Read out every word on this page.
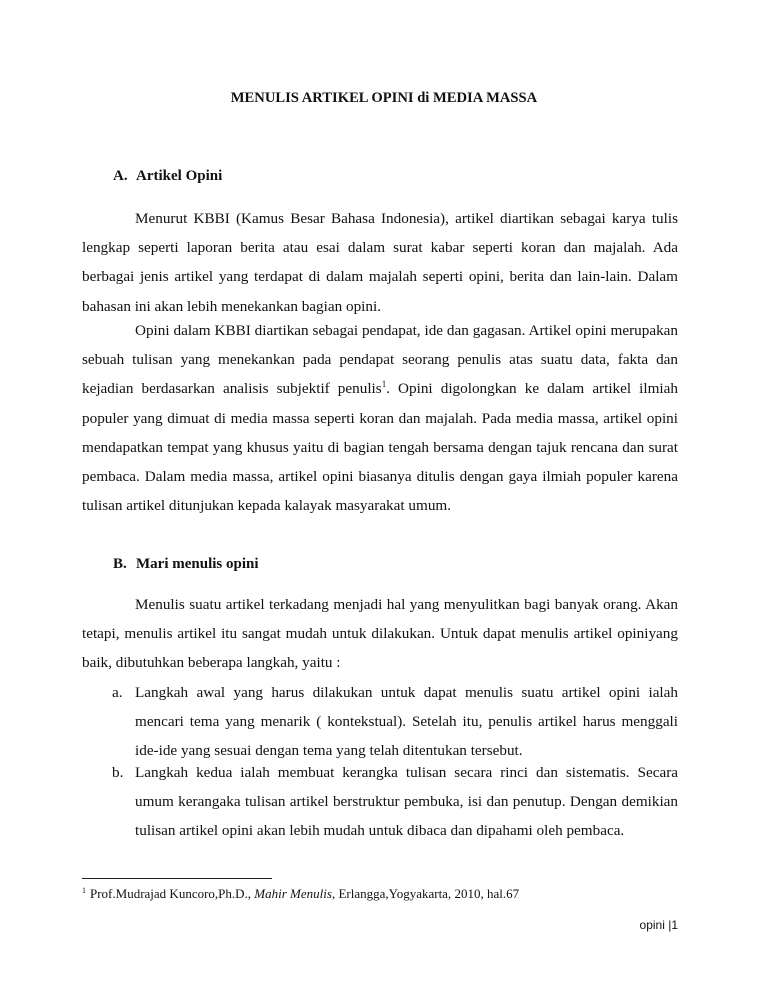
MENULIS ARTIKEL OPINI di MEDIA MASSA
A. Artikel Opini

Menurut KBBI (Kamus Besar Bahasa Indonesia), artikel diartikan sebagai karya tulis lengkap seperti laporan berita atau esai dalam surat kabar seperti koran dan majalah. Ada berbagai jenis artikel yang terdapat di dalam majalah seperti opini, berita dan lain-lain. Dalam bahasan ini akan lebih menekankan bagian opini.

Opini dalam KBBI diartikan sebagai pendapat, ide dan gagasan. Artikel opini merupakan sebuah tulisan yang menekankan pada pendapat seorang penulis atas suatu data, fakta dan kejadian berdasarkan analisis subjektif penulis$^1$. Opini digolongkan ke dalam artikel ilmiah populer yang dimuat di media massa seperti koran dan majalah. Pada media massa, artikel opini mendapatkan tempat yang khusus yaitu di bagian tengah bersama dengan tajuk rencana dan surat pembaca. Dalam media massa, artikel opini biasanya ditulis dengan gaya ilmiah populer karena tulisan artikel ditunjukan kepada kalayak masyarakat umum.

B. Mari menulis opini

Menulis suatu artikel terkadang menjadi hal yang menyulitkan bagi banyak orang. Akan tetapi, menulis artikel itu sangat mudah untuk dilakukan. Untuk dapat menulis artikel opiniyang baik, dibutuhkan beberapa langkah, yaitu :

a. Langkah awal yang harus dilakukan untuk dapat menulis suatu artikel opini ialah mencari tema yang menarik ( kontekstual). Setelah itu, penulis artikel harus menggali ide-ide yang sesuai dengan tema yang telah ditentukan tersebut.
b. Langkah kedua ialah membuat kerangka tulisan secara rinci dan sistematis. Secara umum kerangaka tulisan artikel berstruktur pembuka, isi dan penutup. Dengan demikian tulisan artikel opini akan lebih mudah untuk dibaca dan dipahami oleh pembaca.
$^1$ Prof.Mudrajad Kuncoro,Ph.D., Mahir Menulis, Erlangga,Yogyakarta, 2010, hal.67
opini |1
